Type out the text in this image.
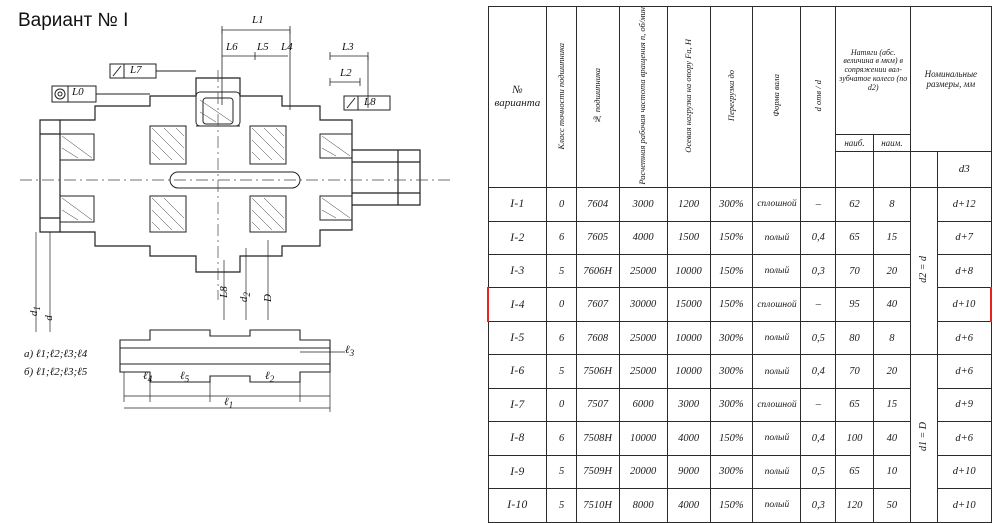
Вариант № I	L1
L6 L5 L4	L3
L2
L7
L0
L8
L8
$d_2$ D
$d_1$
d
ℓ$_4$	ℓ$_5$	ℓ$_2$
ℓ$_3$
ℓ$_1$
а) ℓ1;ℓ2;ℓ3;ℓ4
б) ℓ1;ℓ2;ℓ3;ℓ5
№
варианта	Класс точности подшипника	№ подшипника	Расчетная рабочая частота вращения n, об/мин	Осевая нагрузка на опору Fa, Н	Перегрузка до	Форма вала	d отв / d	Натяги (абс. величина в мкм) в сопряжении вал-зубчатое колесо (по d2)		Номинальные размеры, мм	

								наиб.	наим.		
											d3
I-1	0	7604	3000	1200	300%	сплошной	–	62	8	d2 = d	d+12
I-2	6	7605	4000	1500	150%	полый	0,4	65	15		d+7
I-3	5	7606Н	25000	10000	150%	полый	0,3	70	20		d+8
I-4	0	7607	30000	15000	150%	сплошной	–	95	40		d+10
I-5	6	7608	25000	10000	300%	полый	0,5	80	8		d+6
I-6	5	7506Н	25000	10000	300%	полый	0,4	70	20	d1 = D	d+6
I-7	0	7507	6000	3000	300%	сплошной	–	65	15		d+9
I-8	6	7508Н	10000	4000	150%	полый	0,4	100	40		d+6
I-9	5	7509Н	20000	9000	300%	полый	0,5	65	10		d+10
I-10	5	7510Н	8000	4000	150%	полый	0,3	120	50		d+10
